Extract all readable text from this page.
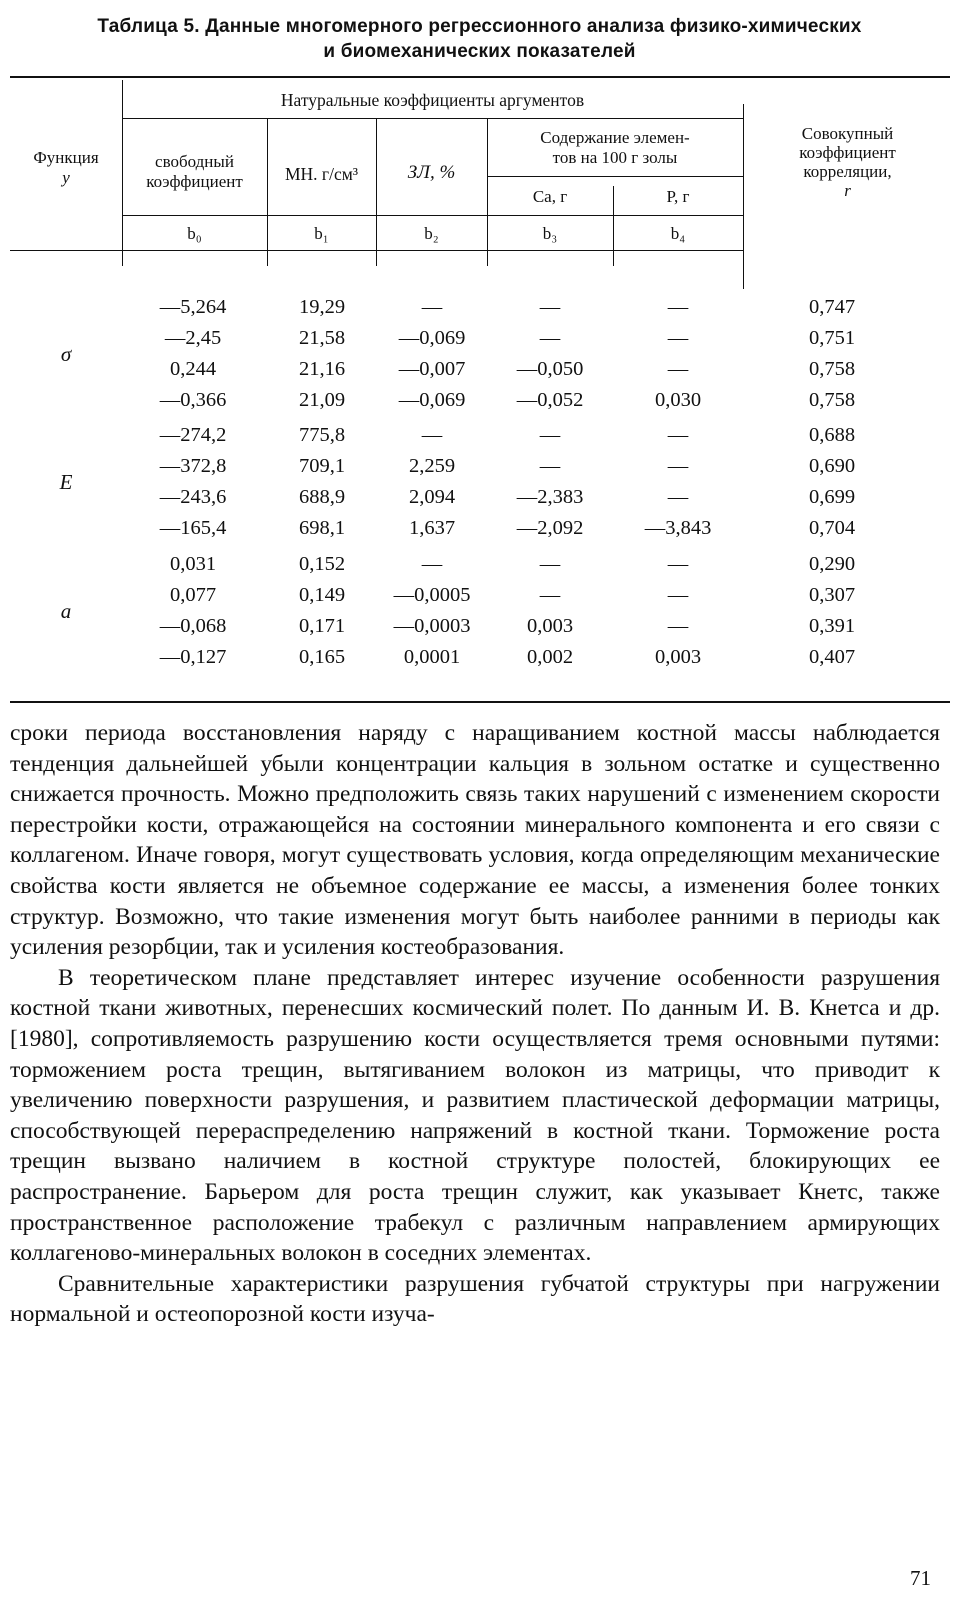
Таблица 5. Данные многомерного регрессионного анализа физико-химических
и биомеханических показателей
Функция
y
Натуральные коэффициенты аргументов
свободный
коэффициент	МН. г/см³	ЗЛ, %
Содержание элемен-
тов на 100 г золы
Ca, г	P, г
Совокупный
коэффициент
корреляции,
r
b₀	b₁	b₂	b₃	b₄
σ
—5,264	19,29	—	—	—	0,747
—2,45	21,58	—0,069	—	—	0,751
0,244	21,16	—0,007	—0,050	—	0,758
—0,366	21,09	—0,069	—0,052	0,030	0,758
E
—274,2	775,8	—	—	—	0,688
—372,8	709,1	2,259	—	—	0,690
—243,6	688,9	2,094	—2,383	—	0,699
—165,4	698,1	1,637	—2,092	—3,843	0,704
a
0,031	0,152	—	—	—	0,290
0,077	0,149	—0,0005	—	—	0,307
—0,068	0,171	—0,0003	0,003	—	0,391
—0,127	0,165	0,0001	0,002	0,003	0,407

сроки периода восстановления наряду с наращиванием костной массы наблюдается тенденция дальнейшей убыли концентрации кальция в зольном остатке и существенно снижается прочность. Можно предположить связь таких нарушений с изменением скорости перестройки кости, отражающейся на состоянии минерального компонента и его связи с коллагеном. Иначе говоря, могут существовать условия, когда определяющим механические свойства кости является не объемное содержание ее массы, а изменения более тонких структур. Возможно, что такие изменения могут быть наиболее ранними в периоды как усиления резорбции, так и усиления костеобразования.

В теоретическом плане представляет интерес изучение особенности разрушения костной ткани животных, перенесших космический полет. По данным И. В. Кнетса и др. [1980], сопротивляемость разрушению кости осуществляется тремя основными путями: торможением роста трещин, вытягиванием волокон из матрицы, что приводит к увеличению поверхности разрушения, и развитием пластической деформации матрицы, способствующей перераспределению напряжений в костной ткани. Торможение роста трещин вызвано наличием в костной структуре полостей, блокирующих ее распространение. Барьером для роста трещин служит, как указывает Кнетс, также пространственное расположение трабекул с различным направлением армирующих коллагеново-минеральных волокон в соседних элементах.

Сравнительные характеристики разрушения губчатой структуры при нагружении нормальной и остеопорозной кости изуча-

71
